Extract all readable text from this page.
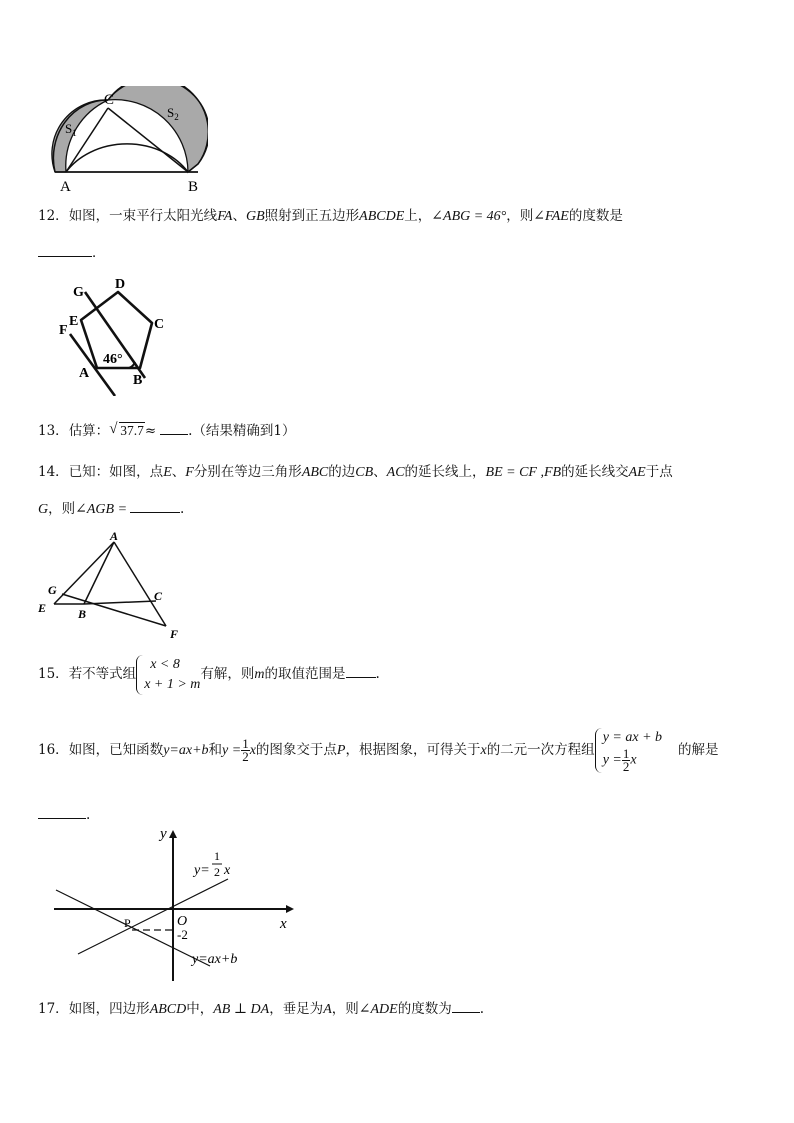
C
A	B
$S_1$
$S_2$
12．如图，一束平行太阳光线FA、GB照射到正五边形ABCDE上，∠ABG = 46°，则∠FAE的度数是
．
G
D
E	C
F
46°
A	B
13．估算：√ 37.7≈ .（结果精确到1）
14．已知：如图，点E、F分别在等边三角形ABC的边CB、AC的延长线上，BE = CF ,FB的延长线交AE于点
G，则∠AGB =	.
A
G	C
E	B
F
15．若不等式组
x < 8
x + 1 > m
有解，则m的取值范围是 .
16．如图，已知函数y=ax+b和$y = \frac{1}{2}$ x的图象交于点P，根据图象，可得关于x的二元一次方程组
y = ax + b
$y = \frac{1}{2}$ x
的解是
.
y
x
O
P
-2
y=
1
2 x
y=ax+b
17．如图，四边形ABCD中，AB ⊥ DA，垂足为A，则∠ADE的度数为 .
